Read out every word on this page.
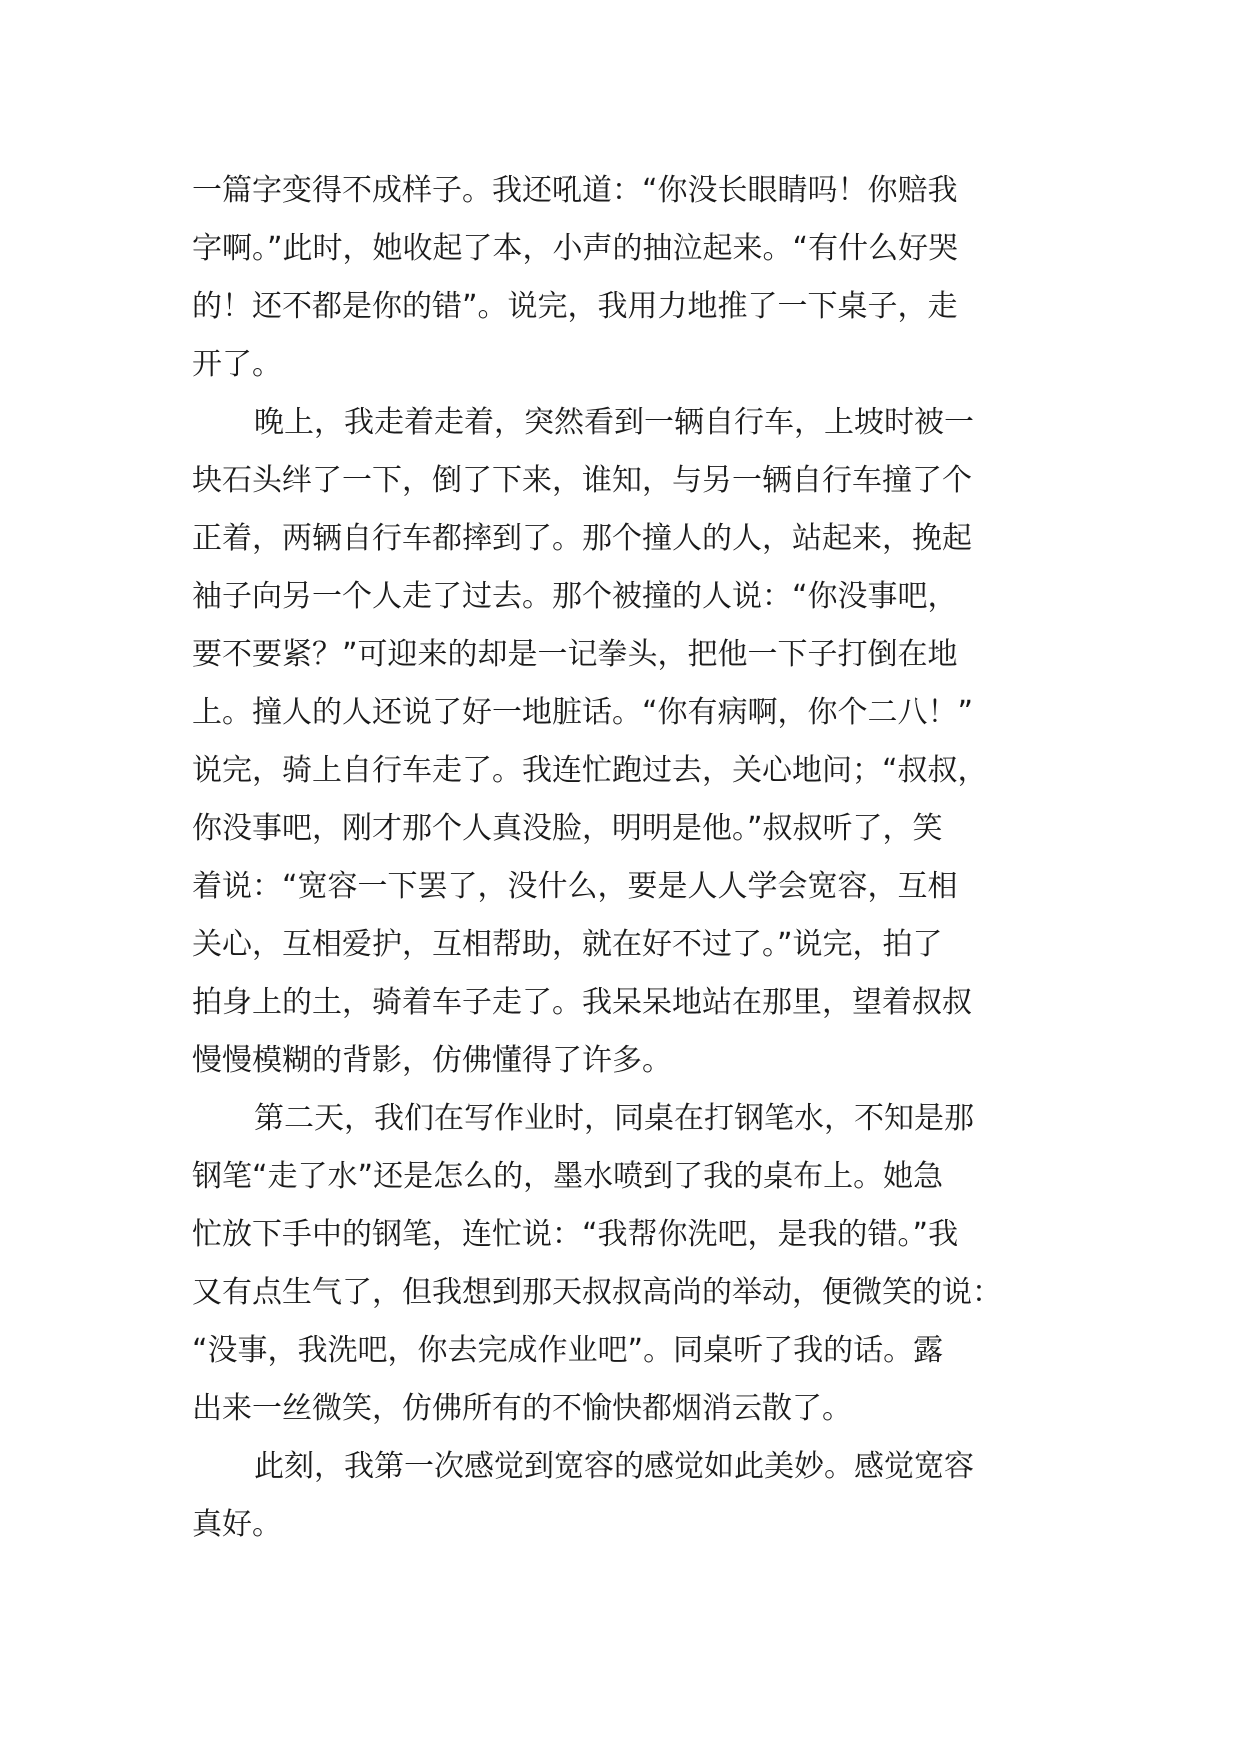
一篇字变得不成样子。我还吼道：“你没长眼睛吗！你赔我
字啊。”此时，她收起了本，小声的抽泣起来。“有什么好哭
的！还不都是你的错”。说完，我用力地推了一下桌子，走
开了。
晚上，我走着走着，突然看到一辆自行车，上坡时被一
块石头绊了一下，倒了下来，谁知，与另一辆自行车撞了个
正着，两辆自行车都摔到了。那个撞人的人，站起来，挽起
袖子向另一个人走了过去。那个被撞的人说：“你没事吧，
要不要紧？”可迎来的却是一记拳头，把他一下子打倒在地
上。撞人的人还说了好一地脏话。“你有病啊，你个二八！”
说完，骑上自行车走了。我连忙跑过去，关心地问；“叔叔，
你没事吧，刚才那个人真没脸，明明是他。”叔叔听了，笑
着说：“宽容一下罢了，没什么，要是人人学会宽容，互相
关心，互相爱护，互相帮助，就在好不过了。”说完，拍了
拍身上的土，骑着车子走了。我呆呆地站在那里，望着叔叔
慢慢模糊的背影，仿佛懂得了许多。
第二天，我们在写作业时，同桌在打钢笔水，不知是那
钢笔“走了水”还是怎么的，墨水喷到了我的桌布上。她急
忙放下手中的钢笔，连忙说：“我帮你洗吧，是我的错。”我
又有点生气了，但我想到那天叔叔高尚的举动，便微笑的说：
“没事，我洗吧，你去完成作业吧”。同桌听了我的话。露
出来一丝微笑，仿佛所有的不愉快都烟消云散了。
此刻，我第一次感觉到宽容的感觉如此美妙。感觉宽容
真好。
